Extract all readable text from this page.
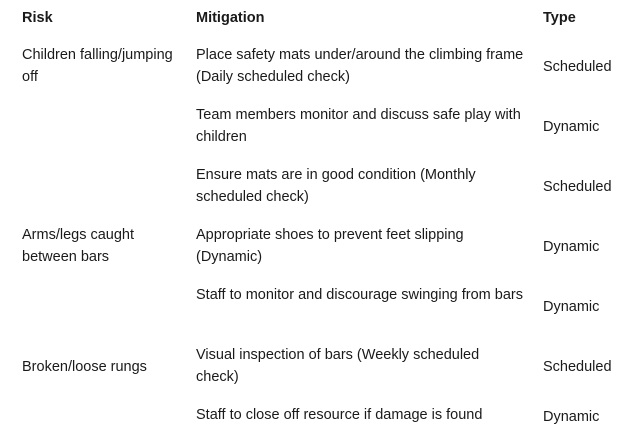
Risk	Mitigation	Type
Children falling/jumping off	Place safety mats under/around the climbing frame (Daily scheduled check)	Scheduled
	Team members monitor and discuss safe play with children	Dynamic
	Ensure mats are in good condition (Monthly scheduled check)	Scheduled
Arms/legs caught between bars	Appropriate shoes to prevent feet slipping (Dynamic)	Dynamic
	Staff to monitor and discourage swinging from bars	Dynamic
Broken/loose rungs	Visual inspection of bars (Weekly scheduled check)	Scheduled
	Staff to close off resource if damage is found	Dynamic
